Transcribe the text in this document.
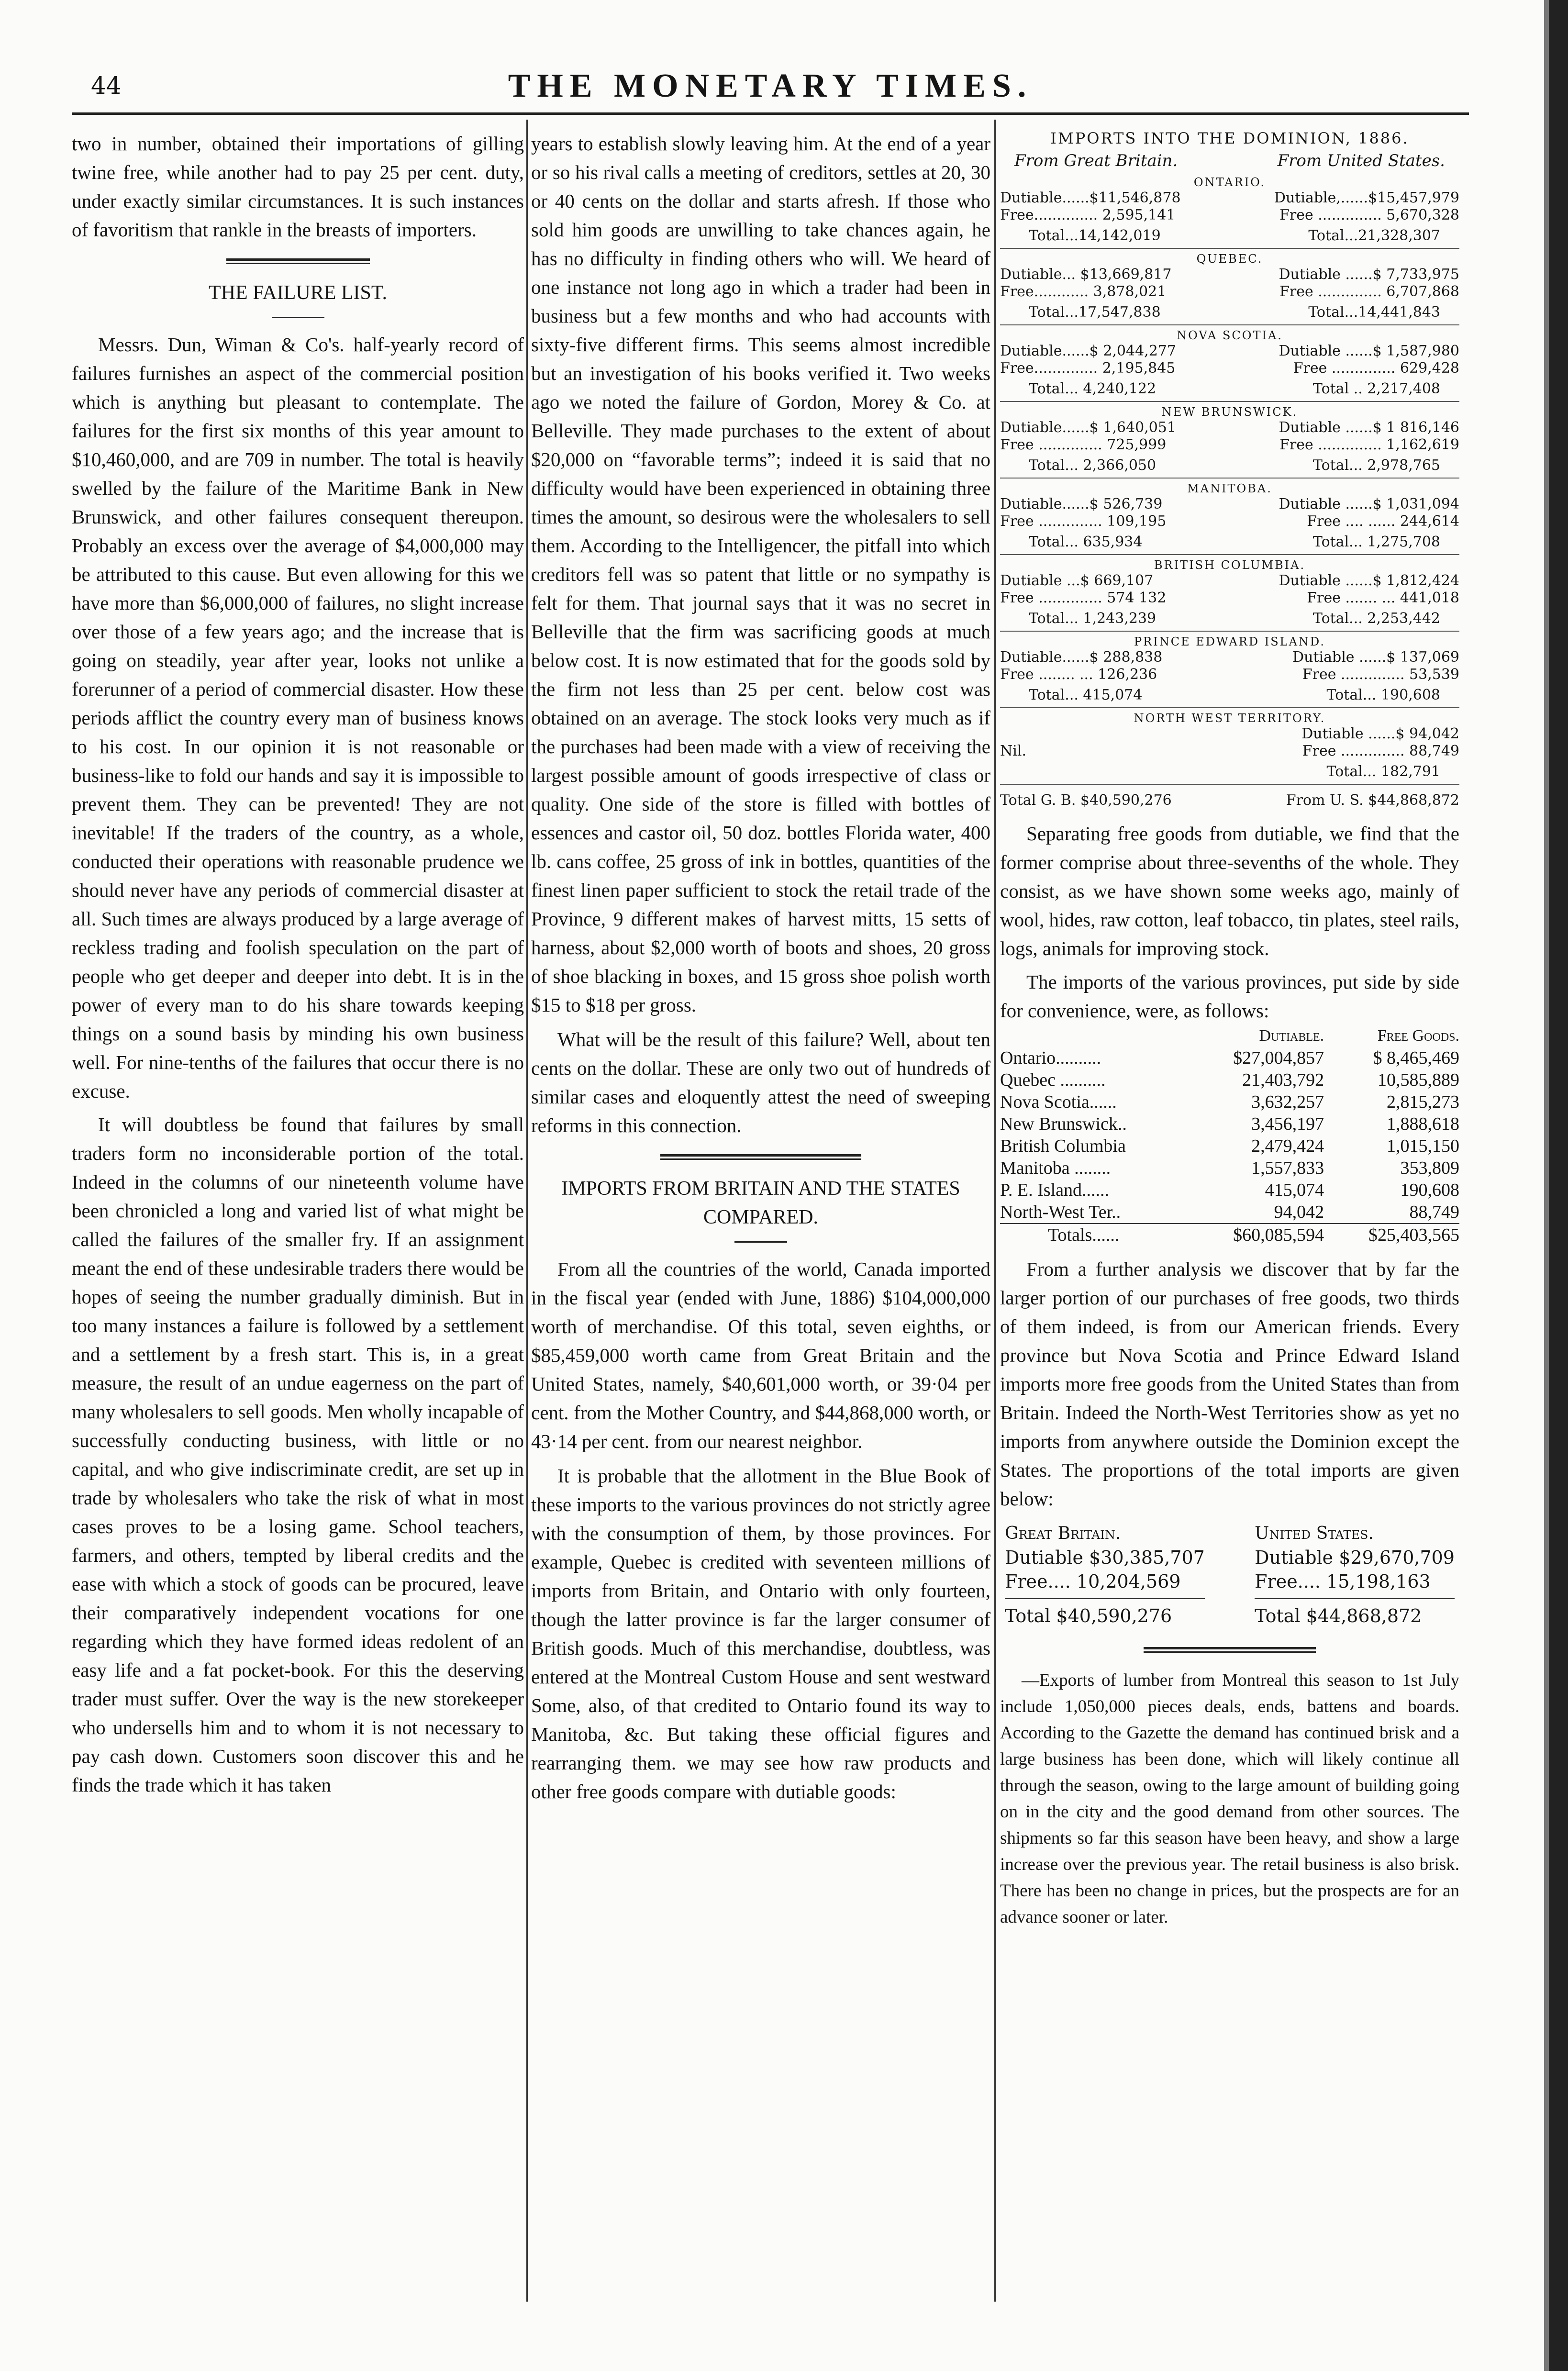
44	THE MONETARY TIMES.

two in number, obtained their importations of gilling twine free, while another had to pay 25 per cent. duty, under exactly similar circumstances. It is such instances of favoritism that rankle in the breasts of importers.

THE FAILURE LIST.

Messrs. Dun, Wiman & Co's. half-yearly record of failures furnishes an aspect of the commercial position which is anything but pleasant to contemplate. The failures for the first six months of this year amount to $10,460,000, and are 709 in number. The total is heavily swelled by the failure of the Maritime Bank in New Brunswick, and other failures consequent thereupon. Probably an excess over the average of $4,000,000 may be attributed to this cause. But even allowing for this we have more than $6,000,000 of failures, no slight increase over those of a few years ago; and the increase that is going on steadily, year after year, looks not unlike a forerunner of a period of commercial disaster. How these periods afflict the country every man of business knows to his cost. In our opinion it is not reasonable or business-like to fold our hands and say it is impossible to prevent them. They can be prevented! They are not inevitable! If the traders of the country, as a whole, conducted their operations with reasonable prudence we should never have any periods of commercial disaster at all. Such times are always produced by a large average of reckless trading and foolish speculation on the part of people who get deeper and deeper into debt. It is in the power of every man to do his share towards keeping things on a sound basis by minding his own business well. For nine-tenths of the failures that occur there is no excuse.

It will doubtless be found that failures by small traders form no inconsiderable portion of the total. Indeed in the columns of our nineteenth volume have been chronicled a long and varied list of what might be called the failures of the smaller fry. If an assignment meant the end of these undesirable traders there would be hopes of seeing the number gradually diminish. But in too many instances a failure is followed by a settlement and a settlement by a fresh start. This is, in a great measure, the result of an undue eagerness on the part of many wholesalers to sell goods. Men wholly incapable of successfully conducting business, with little or no capital, and who give indiscriminate credit, are set up in trade by wholesalers who take the risk of what in most cases proves to be a losing game. School teachers, farmers, and others, tempted by liberal credits and the ease with which a stock of goods can be procured, leave their comparatively independent vocations for one regarding which they have formed ideas redolent of an easy life and a fat pocket-book. For this the deserving trader must suffer. Over the way is the new storekeeper who undersells him and to whom it is not necessary to pay cash down. Customers soon discover this and he finds the trade which it has taken

years to establish slowly leaving him. At the end of a year or so his rival calls a meeting of creditors, settles at 20, 30 or 40 cents on the dollar and starts afresh. If those who sold him goods are unwilling to take chances again, he has no difficulty in finding others who will. We heard of one instance not long ago in which a trader had been in business but a few months and who had accounts with sixty-five different firms. This seems almost incredible but an investigation of his books verified it. Two weeks ago we noted the failure of Gordon, Morey & Co. at Belleville. They made purchases to the extent of about $20,000 on “favorable terms”; indeed it is said that no difficulty would have been experienced in obtaining three times the amount, so desirous were the wholesalers to sell them. According to the Intelligencer, the pitfall into which creditors fell was so patent that little or no sympathy is felt for them. That journal says that it was no secret in Belleville that the firm was sacrificing goods at much below cost. It is now estimated that for the goods sold by the firm not less than 25 per cent. below cost was obtained on an average. The stock looks very much as if the purchases had been made with a view of receiving the largest possible amount of goods irrespective of class or quality. One side of the store is filled with bottles of essences and castor oil, 50 doz. bottles Florida water, 400 lb. cans coffee, 25 gross of ink in bottles, quantities of the finest linen paper sufficient to stock the retail trade of the Province, 9 different makes of harvest mitts, 15 setts of harness, about $2,000 worth of boots and shoes, 20 gross of shoe blacking in boxes, and 15 gross shoe polish worth $15 to $18 per gross.

What will be the result of this failure? Well, about ten cents on the dollar. These are only two out of hundreds of similar cases and eloquently attest the need of sweeping reforms in this connection.

IMPORTS FROM BRITAIN AND THE STATES COMPARED.

From all the countries of the world, Canada imported in the fiscal year (ended with June, 1886) $104,000,000 worth of merchandise. Of this total, seven eighths, or $85,459,000 worth came from Great Britain and the United States, namely, $40,601,000 worth, or 39·04 per cent. from the Mother Country, and $44,868,000 worth, or 43·14 per cent. from our nearest neighbor.

It is probable that the allotment in the Blue Book of these imports to the various provinces do not strictly agree with the consumption of them, by those provinces. For example, Quebec is credited with seventeen millions of imports from Britain, and Ontario with only fourteen, though the latter province is far the larger consumer of British goods. Much of this merchandise, doubtless, was entered at the Montreal Custom House and sent westward Some, also, of that credited to Ontario found its way to Manitoba, &c. But taking these official figures and rearranging them. we may see how raw products and other free goods compare with dutiable goods:

IMPORTS INTO THE DOMINION, 1886.
From Great Britain.	From United States.
ONTARIO.
Dutiable......$11,546,878	Dutiable,......$15,457,979
Free.............. 2,595,141	Free .............. 5,670,328
Total...14,142,019	Total...21,328,307
QUEBEC.
Dutiable... $13,669,817	Dutiable ......$ 7,733,975
Free............ 3,878,021	Free .............. 6,707,868
Total...17,547,838	Total...14,441,843
NOVA SCOTIA.
Dutiable......$ 2,044,277	Dutiable ......$ 1,587,980
Free.............. 2,195,845	Free .............. 629,428
Total... 4,240,122	Total .. 2,217,408
NEW BRUNSWICK.
Dutiable......$ 1,640,051	Dutiable ......$ 1 816,146
Free .............. 725,999	Free .............. 1,162,619
Total... 2,366,050	Total... 2,978,765
MANITOBA.
Dutiable......$ 526,739	Dutiable ......$ 1,031,094
Free .............. 109,195	Free .... ...... 244,614
Total... 635,934	Total... 1,275,708
BRITISH COLUMBIA.
Dutiable ...$ 669,107	Dutiable ......$ 1,812,424
Free .............. 574 132	Free ....... ... 441,018
Total... 1,243,239	Total... 2,253,442
PRINCE EDWARD ISLAND.
Dutiable......$ 288,838	Dutiable ......$ 137,069
Free ........ ... 126,236	Free .............. 53,539
Total... 415,074	Total... 190,608
NORTH WEST TERRITORY.
Dutiable ......$ 94,042
Nil.	Free .............. 88,749
Total... 182,791
Total G. B. $40,590,276	From U. S. $44,868,872

Separating free goods from dutiable, we find that the former comprise about three-sevenths of the whole. They consist, as we have shown some weeks ago, mainly of wool, hides, raw cotton, leaf tobacco, tin plates, steel rails, logs, animals for improving stock.

The imports of the various provinces, put side by side for convenience, were, as follows:

	Dutiable.	Free Goods.
Ontario..........	$27,004,857	$ 8,465,469
Quebec ..........	21,403,792	10,585,889
Nova Scotia......	3,632,257	2,815,273
New Brunswick..	3,456,197	1,888,618
British Columbia	2,479,424	1,015,150
Manitoba ........	1,557,833	353,809
P. E. Island......	415,074	190,608
North-West Ter..	94,042	88,749
Totals......	$60,085,594	$25,403,565

From a further analysis we discover that by far the larger portion of our purchases of free goods, two thirds of them indeed, is from our American friends. Every province but Nova Scotia and Prince Edward Island imports more free goods from the United States than from Britain. Indeed the North-West Territories show as yet no imports from anywhere outside the Dominion except the States. The proportions of the total imports are given below:

Great Britain.
Dutiable $30,385,707
Free.... 10,204,569
Total $40,590,276
United States.
Dutiable $29,670,709
Free.... 15,198,163
Total $44,868,872
—Exports of lumber from Montreal this season to 1st July include 1,050,000 pieces deals, ends, battens and boards. According to the Gazette the demand has continued brisk and a large business has been done, which will likely continue all through the season, owing to the large amount of building going on in the city and the good demand from other sources. The shipments so far this season have been heavy, and show a large increase over the previous year. The retail business is also brisk. There has been no change in prices, but the prospects are for an advance sooner or later.
